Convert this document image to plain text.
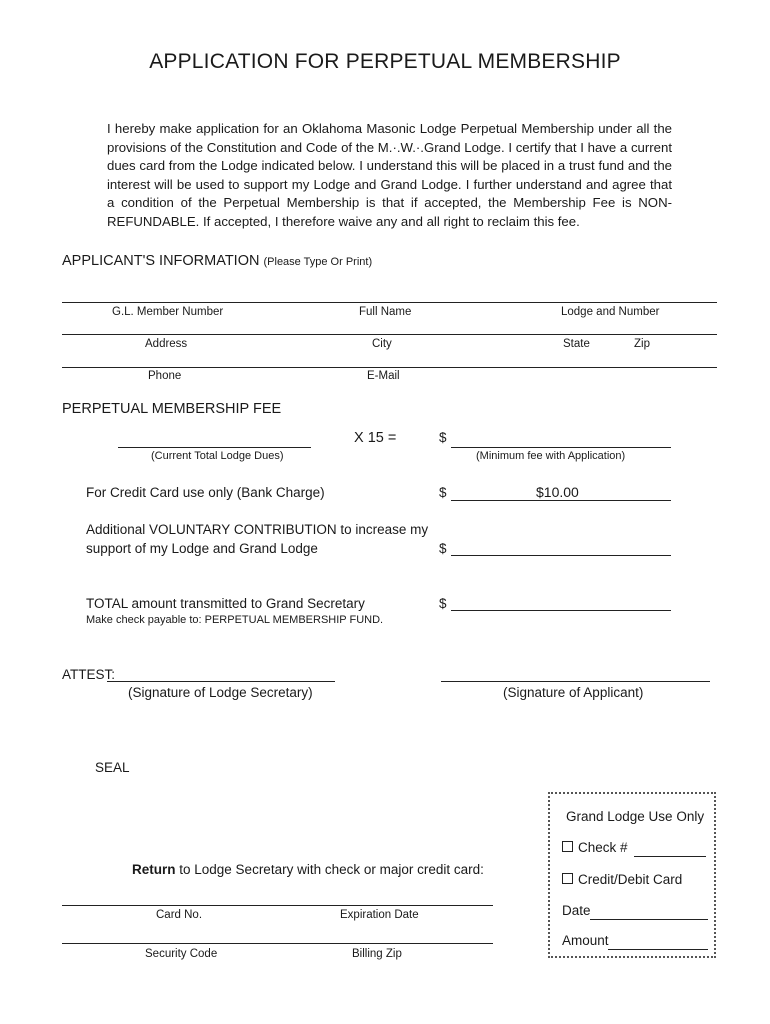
APPLICATION FOR PERPETUAL MEMBERSHIP
I hereby make application for an Oklahoma Masonic Lodge Perpetual Membership under all the provisions of the Constitution and Code of the M.·.W.·.Grand Lodge. I certify that I have a current dues card from the Lodge indicated below. I understand this will be placed in a trust fund and the interest will be used to support my Lodge and Grand Lodge. I further understand and agree that a condition of the Perpetual Membership is that if accepted, the Membership Fee is NON-REFUNDABLE. If accepted, I therefore waive any and all right to reclaim this fee.
APPLICANT'S INFORMATION (Please Type Or Print)
G.L. Member Number	Full Name	Lodge and Number
Address	City	State	Zip
Phone	E-Mail
PERPETUAL MEMBERSHIP FEE
X 15 =	$
(Current Total Lodge Dues)	(Minimum fee with Application)
For Credit Card use only (Bank Charge)	$	$10.00
Additional VOLUNTARY CONTRIBUTION to increase my
support of my Lodge and Grand Lodge	$
TOTAL amount transmitted to Grand Secretary	$
Make check payable to: PERPETUAL MEMBERSHIP FUND.
ATTEST:
(Signature of Lodge Secretary)	(Signature of Applicant)
SEAL
Return to Lodge Secretary with check or major credit card:
Card No.	Expiration Date
Security Code	Billing Zip
Grand Lodge Use Only
Check #
Credit/Debit Card
Date
Amount
